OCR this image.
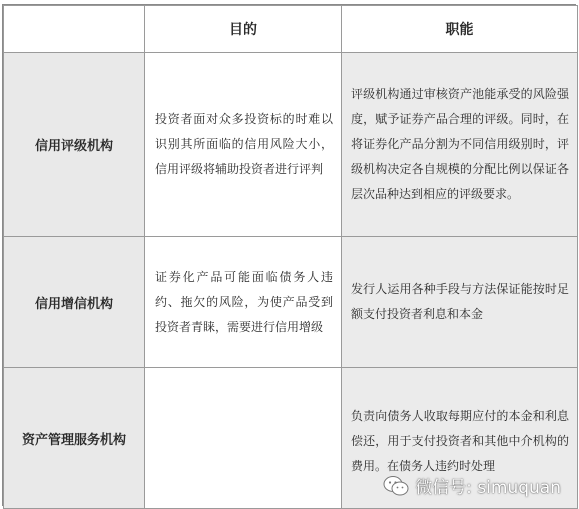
	目的	职能
信用评级机构	投资者面对众多投资标的时难以识别其所面临的信用风险大小，信用评级将辅助投资者进行评判	评级机构通过审核资产池能承受的风险强度，赋予证券产品合理的评级。同时，在将证券化产品分割为不同信用级别时，评级机构决定各自规模的分配比例以保证各层次品种达到相应的评级要求。
信用增信机构	证券化产品可能面临债务人违约、拖欠的风险，为使产品受到投资者青睐，需要进行信用增级	发行人运用各种手段与方法保证能按时足额支付投资者利息和本金
资产管理服务机构		负责向债务人收取每期应付的本金和利息偿还，用于支付投资者和其他中介机构的费用。在债务人违约时处理
微信号: simuquan
